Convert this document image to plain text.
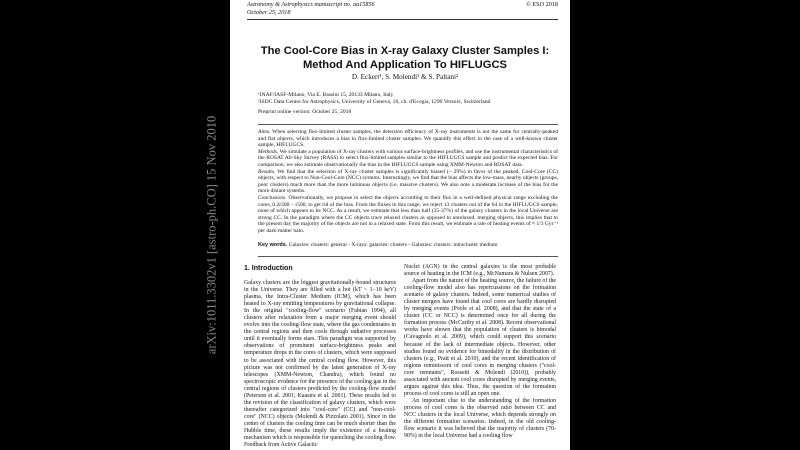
Astronomy & Astrophysics manuscript no. aa15856
October 25, 2018
© ESO 2018
The Cool-Core Bias in X-ray Galaxy Cluster Samples I: Method And Application To HIFLUGCS
D. Eckert¹, S. Molendi¹ & S. Paltani²
¹INAF/IASF-Milano, Via E. Bassini 15, 20133 Milano, Italy
²ISDC Data Centre for Astrophysics, University of Geneva, 16, ch. d'Ecogia, 1290 Versoix, Switzerland
Preprint online version: October 25, 2018

Aims. When selecting flux-limited cluster samples, the detection efficiency of X-ray instruments is not the same for centrally-peaked and flat objects, which introduces a bias in flux-limited cluster samples. We quantify this effect in the case of a well-known cluster sample, HIFLUGCS.

Methods. We simulate a population of X-ray clusters with various surface-brightness profiles, and use the instrumental characteristics of the ROSAT All-Sky Survey (RASS) to select flux-limited samples similar to the HIFLUGCS sample and predict the expected bias. For comparison, we also estimate observationally the bias in the HIFLUGCS sample using XMM-Newton and ROSAT data.

Results. We find that the selection of X-ray cluster samples is significantly biased (~ 29%) in favor of the peaked, Cool-Core (CC) objects, with respect to Non-Cool-Core (NCC) systems. Interestingly, we find that the bias affects the low-mass, nearby objects (groups, poor clusters) much more than the more luminous objects (i.e. massive clusters). We also note a moderate increase of the bias for the more distant systems.

Conclusions. Observationally, we propose to select the objects according to their flux in a well-defined physical range excluding the cores, 0.2r500 − r500, to get rid of the bias. From the fluxes in this range, we reject 13 clusters out of the 64 in the HIFLUGCS sample, none of which appears to be NCC. As a result, we estimate that less than half (35-37%) of the galaxy clusters in the local Universe are strong CC. In the paradigm where the CC objects trace relaxed clusters as opposed to unrelaxed, merging objects, this implies that to the present day the majority of the objects are not in a relaxed state. From this result, we estimate a rate of heating events of ≈ 1/3 Gyr⁻¹ per dark-matter halo.

Key words. Galaxies: clusters: general - X-rays: galaxies: clusters - Galaxies: clusters: intracluster medium
1. Introduction

Galaxy clusters are the biggest gravitationally-bound structures in the Universe. They are filled with a hot (kT ~ 1−10 keV) plasma, the Intra-Cluster Medium (ICM), which has been heated to X-ray emitting temperatures by gravitational collapse. In the original "cooling-flow" scenario (Fabian 1994), all clusters after relaxation from a major merging event should evolve into the cooling-flow state, where the gas condensates in the central regions and then cools through radiative processes until it eventually forms stars. This paradigm was supported by observations of prominent surface-brightness peaks and temperature drops in the cores of clusters, which were supposed to be associated with the central cooling flow. However, this picture was not confirmed by the latest generation of X-ray telescopes (XMM-Newton, Chandra), which found no spectroscopic evidence for the presence of the cooling gas in the central regions of clusters predicted by the cooling-flow model (Peterson et al. 2001; Kaastra et al. 2001). These results led to the revision of the classification of galaxy clusters, which were thereafter categorized into "cool-core" (CC) and "non-cool-core" (NCC) objects (Molendi & Pizzolato 2001). Since in the center of clusters the cooling time can be much shorter than the Hubble time, these results imply the existence of a heating mechanism which is responsible for quenching the cooling flow. Feedback from Active Galactic

Nuclei (AGN) in the central galaxies is the most probable source of heating in the ICM (e.g., McNamara & Nulsen 2007).

Apart from the nature of the heating source, the failure of the cooling-flow model also has repercussions on the formation scenario of galaxy clusters. Indeed, some numerical studies of cluster mergers have found that cool cores are hardly disrupted by merging events (Poole et al. 2008), and that the state of a cluster (CC or NCC) is determined once for all during the formation process (McCarthy et al. 2008). Recent observational works have shown that the population of clusters is bimodal (Cavagnolo et al. 2009), which could support this scenario because of the lack of intermediate objects. However, other studies found no evidence for bimodality in the distribution of clusters (e.g., Pratt et al. 2010), and the recent identification of regions reminiscent of cool cores in merging clusters ("cool-core remnants", Rossetti & Molendi (2010)), probably associated with ancient cool cores disrupted by merging events, argues against this idea. Thus, the question of the formation process of cool cores is still an open one.

An important clue to the understanding of the formation process of cool cores is the observed ratio between CC and NCC clusters in the local Universe, which depends strongly on the different formation scenarios. Indeed, in the old cooling-flow scenario it was believed that the majority of clusters (70-90%) in the local Universe had a cooling flow

arXiv:1011.3302v1 [astro-ph.CO] 15 Nov 2010
